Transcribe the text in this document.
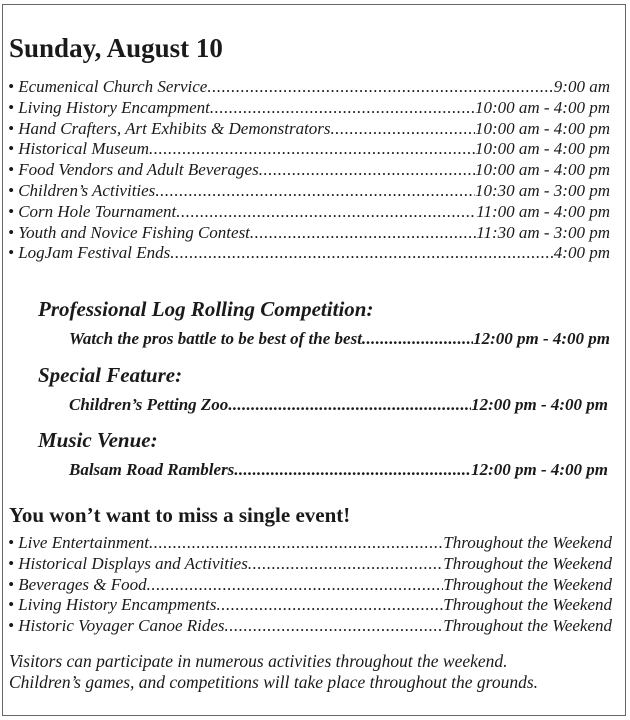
Sunday, August 10
• Ecumenical Church Service .....	9:00 am
• Living History Encampment .....	10:00 am - 4:00 pm
• Hand Crafters, Art Exhibits & Demonstrators .....	10:00 am - 4:00 pm
• Historical Museum .....	10:00 am - 4:00 pm
• Food Vendors and Adult Beverages .....	10:00 am - 4:00 pm
• Children’s Activities .....	10:30 am - 3:00 pm
• Corn Hole Tournament .....	11:00 am - 4:00 pm
• Youth and Novice Fishing Contest .....	11:30 am - 3:00 pm
• LogJam Festival Ends .....	4:00 pm
Professional Log Rolling Competition:
Watch the pros battle to be best of the best .....	12:00 pm - 4:00 pm
Special Feature:
Children’s Petting Zoo .....	12:00 pm - 4:00 pm
Music Venue:
Balsam Road Ramblers .....	12:00 pm - 4:00 pm
You won’t want to miss a single event!
• Live Entertainment .....	Throughout the Weekend
• Historical Displays and Activities .....	Throughout the Weekend
• Beverages & Food .....	Throughout the Weekend
• Living History Encampments .....	Throughout the Weekend
• Historic Voyager Canoe Rides .....	Throughout the Weekend

Visitors can participate in numerous activities throughout the weekend.

Children’s games, and competitions will take place throughout the grounds.
